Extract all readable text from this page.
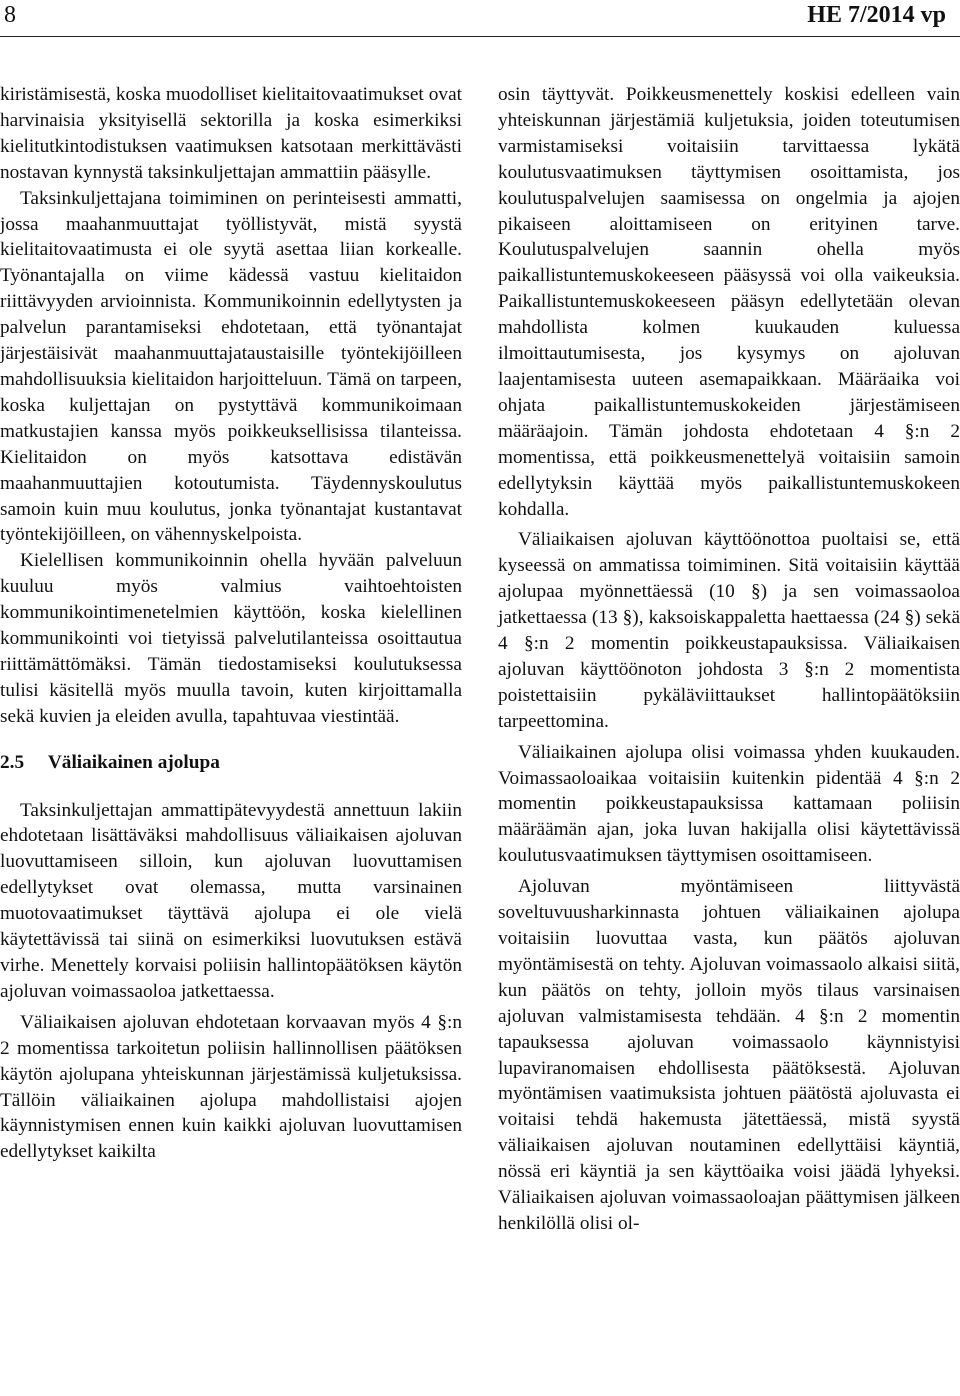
8	HE 7/2014 vp

kiristämisestä, koska muodolliset kielitaitovaatimukset ovat harvinaisia yksityisellä sektorilla ja koska esimerkiksi kielitutkintodistuksen vaatimuksen katsotaan merkittävästi nostavan kynnystä taksinkuljettajan ammattiin pääsylle.

Taksinkuljettajana toimiminen on perinteisesti ammatti, jossa maahanmuuttajat työllistyvät, mistä syystä kielitaitovaatimusta ei ole syytä asettaa liian korkealle. Työnantajalla on viime kädessä vastuu kielitaidon riittävyyden arvioinnista. Kommunikoinnin edellytysten ja palvelun parantamiseksi ehdotetaan, että työnantajat järjestäisivät maahanmuuttajataustaisille työntekijöilleen mahdollisuuksia kielitaidon harjoitteluun. Tämä on tarpeen, koska kuljettajan on pystyttävä kommunikoimaan matkustajien kanssa myös poikkeuksellisissa tilanteissa. Kielitaidon on myös katsottava edistävän maahanmuuttajien kotoutumista. Täydennyskoulutus samoin kuin muu koulutus, jonka työnantajat kustantavat työntekijöilleen, on vähennyskelpoista.

Kielellisen kommunikoinnin ohella hyvään palveluun kuuluu myös valmius vaihtoehtoisten kommunikointimenetelmien käyttöön, koska kielellinen kommunikointi voi tietyissä palvelutilanteissa osoittautua riittämättömäksi. Tämän tiedostamiseksi koulutuksessa tulisi käsitellä myös muulla tavoin, kuten kirjoittamalla sekä kuvien ja eleiden avulla, tapahtuvaa viestintää.

2.5 Väliaikainen ajolupa

Taksinkuljettajan ammattipätevyydestä annettuun lakiin ehdotetaan lisättäväksi mahdollisuus väliaikaisen ajoluvan luovuttamiseen silloin, kun ajoluvan luovuttamisen edellytykset ovat olemassa, mutta varsinainen muotovaatimukset täyttävä ajolupa ei ole vielä käytettävissä tai siinä on esimerkiksi luovutuksen estävä virhe. Menettely korvaisi poliisin hallintopäätöksen käytön ajoluvan voimassaoloa jatkettaessa.

Väliaikaisen ajoluvan ehdotetaan korvaavan myös 4 §:n 2 momentissa tarkoitetun poliisin hallinnollisen päätöksen käytön ajolupana yhteiskunnan järjestämissä kuljetuksissa. Tällöin väliaikainen ajolupa mahdollistaisi ajojen käynnistymisen ennen kuin kaikki ajoluvan luovuttamisen edellytykset kaikilta

osin täyttyvät. Poikkeusmenettely koskisi edelleen vain yhteiskunnan järjestämiä kuljetuksia, joiden toteutumisen varmistamiseksi voitaisiin tarvittaessa lykätä koulutusvaatimuksen täyttymisen osoittamista, jos koulutuspalvelujen saamisessa on ongelmia ja ajojen pikaiseen aloittamiseen on erityinen tarve. Koulutuspalvelujen saannin ohella myös paikallistuntemuskokeeseen pääsyssä voi olla vaikeuksia. Paikallistuntemuskokeeseen pääsyn edellytetään olevan mahdollista kolmen kuukauden kuluessa ilmoittautumisesta, jos kysymys on ajoluvan laajentamisesta uuteen asemapaikkaan. Määräaika voi ohjata paikallistuntemuskokeiden järjestämiseen määräajoin. Tämän johdosta ehdotetaan 4 §:n 2 momentissa, että poikkeusmenettelyä voitaisiin samoin edellytyksin käyttää myös paikallistuntemuskokeen kohdalla.

Väliaikaisen ajoluvan käyttöönottoa puoltaisi se, että kyseessä on ammatissa toimiminen. Sitä voitaisiin käyttää ajolupaa myönnettäessä (10 §) ja sen voimassaoloa jatkettaessa (13 §), kaksoiskappaletta haettaessa (24 §) sekä 4 §:n 2 momentin poikkeustapauksissa. Väliaikaisen ajoluvan käyttöönoton johdosta 3 §:n 2 momentista poistettaisiin pykäläviittaukset hallintopäätöksiin tarpeettomina.

Väliaikainen ajolupa olisi voimassa yhden kuukauden. Voimassaoloaikaa voitaisiin kuitenkin pidentää 4 §:n 2 momentin poikkeustapauksissa kattamaan poliisin määräämän ajan, joka luvan hakijalla olisi käytettävissä koulutusvaatimuksen täyttymisen osoittamiseen.

Ajoluvan myöntämiseen liittyvästä soveltuvuusharkinnasta johtuen väliaikainen ajolupa voitaisiin luovuttaa vasta, kun päätös ajoluvan myöntämisestä on tehty. Ajoluvan voimassaolo alkaisi siitä, kun päätös on tehty, jolloin myös tilaus varsinaisen ajoluvan valmistamisesta tehdään. 4 §:n 2 momentin tapauksessa ajoluvan voimassaolo käynnistyisi lupaviranomaisen ehdollisesta päätöksestä. Ajoluvan myöntämisen vaatimuksista johtuen päätöstä ajoluvasta ei voitaisi tehdä hakemusta jätettäessä, mistä syystä väliaikaisen ajoluvan noutaminen edellyttäisi käyntiä, nössä eri käyntiä ja sen käyttöaika voisi jäädä lyhyeksi. Väliaikaisen ajoluvan voimassaoloajan päättymisen jälkeen henkilöllä olisi ol-
